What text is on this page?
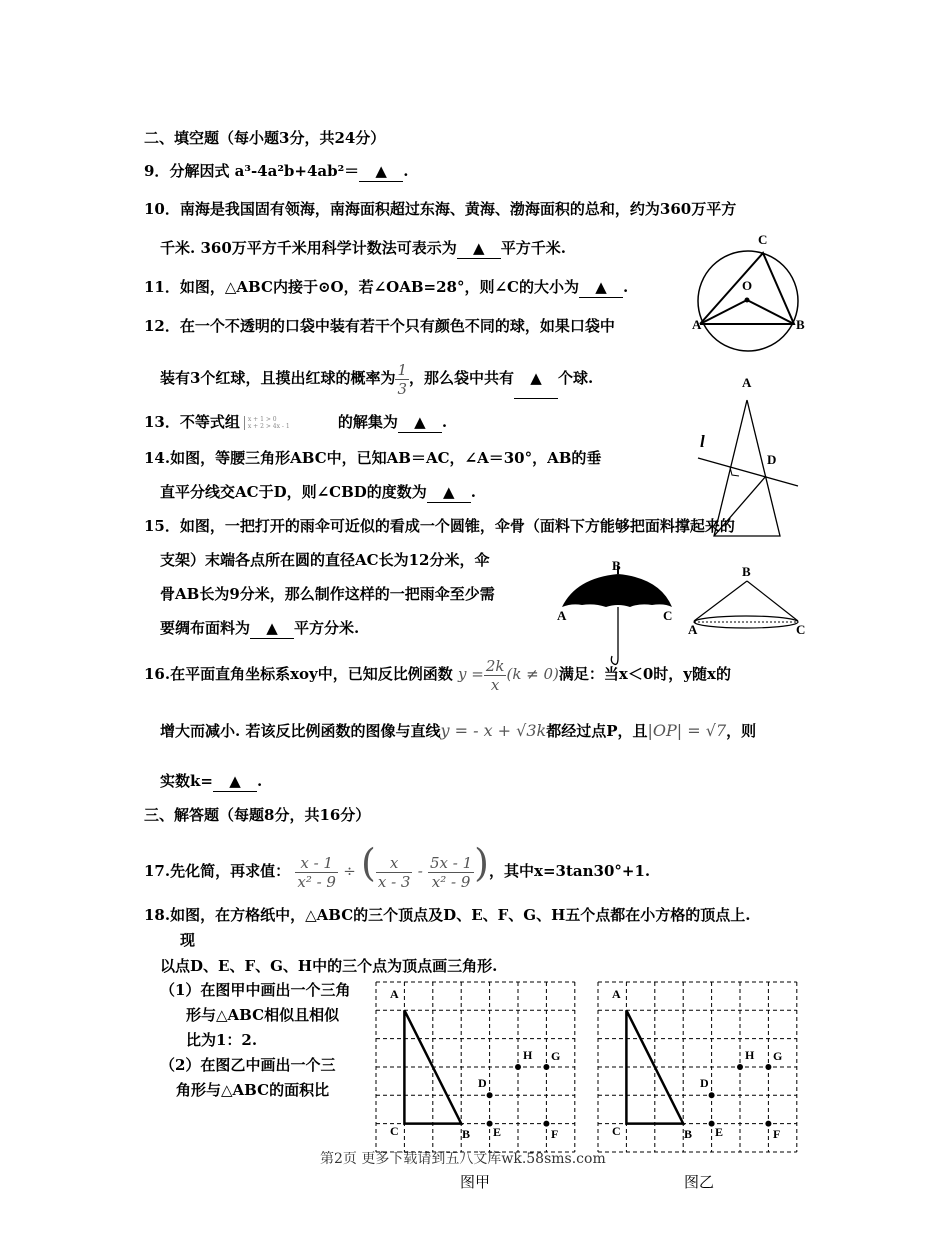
二、填空题（每小题3分，共24分）
9．分解因式 a³-4a²b+4ab²＝ ▲ .
10．南海是我国固有领海，南海面积超过东海、黄海、渤海面积的总和，约为360万平方
千米. 360万平方千米用科学计数法可表示为 ▲ 平方千米.
11．如图，△ABC内接于⊙O，若∠OAB=28°，则∠C的大小为 ▲ .
12．在一个不透明的口袋中装有若干个只有颜色不同的球，如果口袋中
装有3个红球，且摸出红球的概率为 $\frac{1}{3}$ ，那么袋中共有 ▲ 个球.
13．不等式组 x + 1 > 0
x + 2 > 4x - 1	的解集为 ▲ .
14.如图，等腰三角形ABC中，已知AB＝AC，∠A＝30°，AB的垂
直平分线交AC于D，则∠CBD的度数为 ▲ .
15．如图，一把打开的雨伞可近似的看成一个圆锥，伞骨（面料下方能够把面料撑起来的
支架）末端各点所在圆的直径AC长为12分米，伞
骨AB长为9分米，那么制作这样的一把雨伞至少需
要绸布面料为 ▲ 平方分米.
16.在平面直角坐标系xoy中，已知反比例函数 $y = \frac{2k}{x} (k \ne 0)$满足：当x＜0时，y随x的
增大而减小. 若该反比例函数的图像与直线y = - x + √3k都经过点P，且|OP| = √7，则
实数k= ▲ .
三、解答题（每题8分，共16分）
17.先化简，再求值： $\frac{x - 1}{\text{x² - 9}}$ ÷ ( $\frac{x}{x - 3} - \frac{5x - 1}{\text{x² - 9}}$ )，其中x=3tan30°+1.
18.如图，在方格纸中，△ABC的三个顶点及D、E、F、G、H五个点都在小方格的顶点上.
现
以点D、E、F、G、H中的三个点为顶点画三角形.
（1）在图甲中画出一个三角
形与△ABC相似且相似
比为1：2.
（2）在图乙中画出一个三
角形与△ABC的面积比
C
O
A	B
A
D
l
B
A	C
B
A	C
A
B
C
D
E	F
G
H
A
B
C
D
E	F
G
H
第2页 更多下载请到五八文库wk.58sms.com
图甲	图乙
